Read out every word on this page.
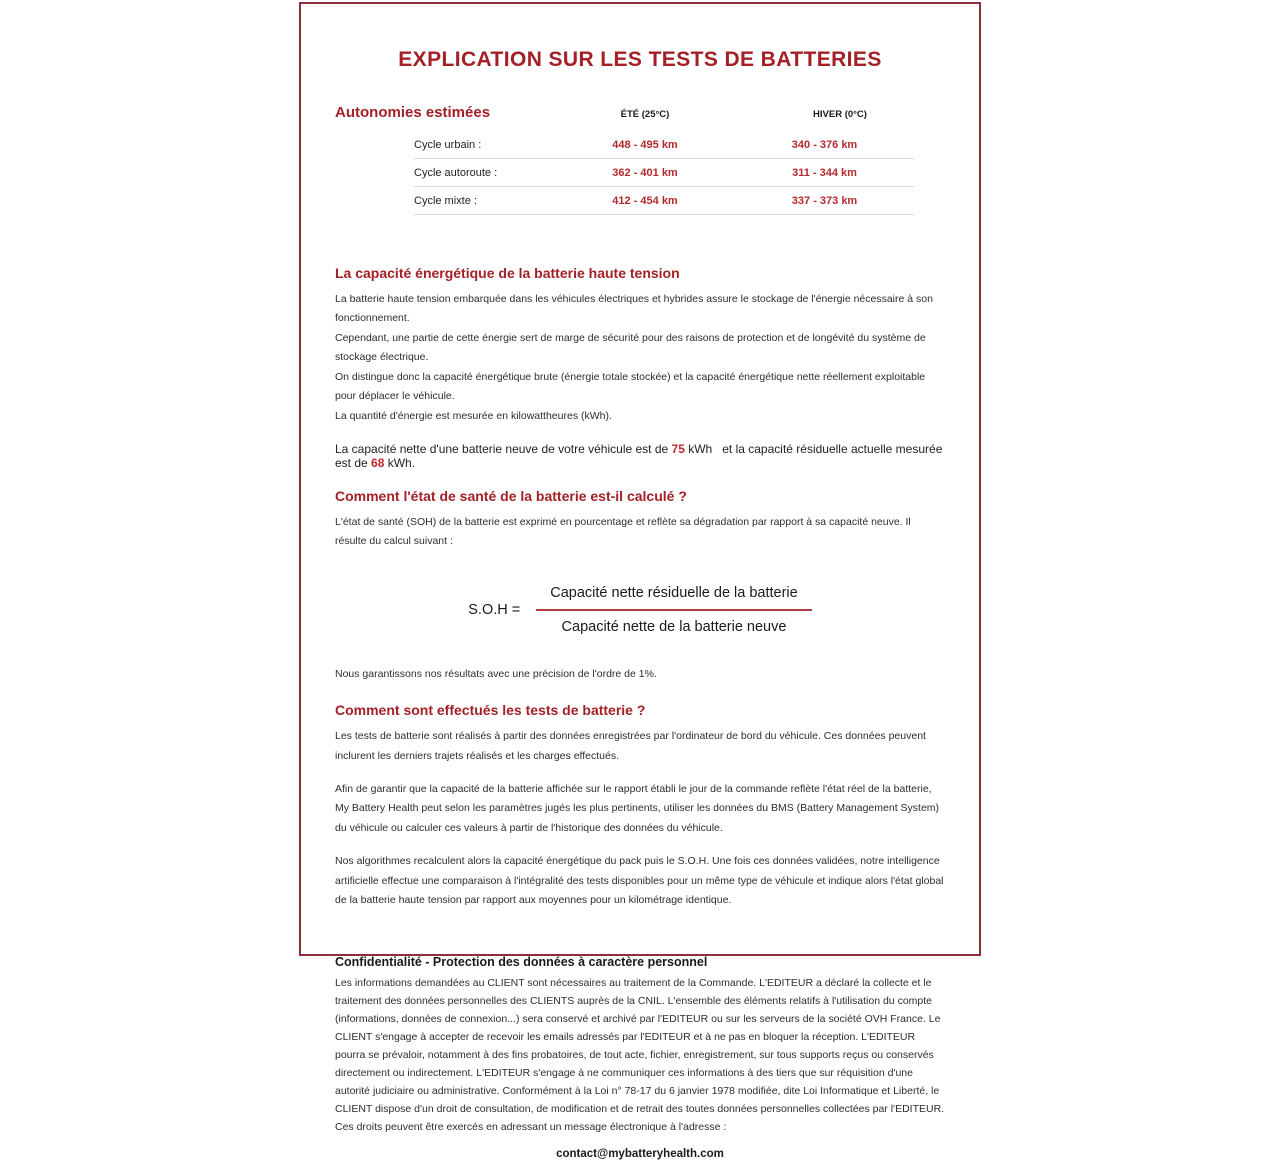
EXPLICATION SUR LES TESTS DE BATTERIES
Autonomies estimées	ÉTÉ (25°C)	HIVER (0°C)
Cycle urbain :	448 - 495 km	340 - 376 km
Cycle autoroute :	362 - 401 km	311 - 344 km
Cycle mixte :	412 - 454 km	337 - 373 km
La capacité énergétique de la batterie haute tension
La batterie haute tension embarquée dans les véhicules électriques et hybrides assure le stockage de l'énergie nécessaire à son fonctionnement.
Cependant, une partie de cette énergie sert de marge de sécurité pour des raisons de protection et de longévité du système de stockage électrique.
On distingue donc la capacité énergétique brute (énergie totale stockée) et la capacité énergétique nette réellement exploitable pour déplacer le véhicule.
La quantité d'énergie est mesurée en kilowattheures (kWh).

La capacité nette d'une batterie neuve de votre véhicule est de 75 kWh   et la capacité résiduelle actuelle mesurée est de 68 kWh.

Comment l'état de santé de la batterie est-il calculé ?
L'état de santé (SOH) de la batterie est exprimé en pourcentage et reflète sa dégradation par rapport à sa capacité neuve. Il résulte du calcul suivant :
$S.O.H = \frac{\text{Capacité nette résiduelle de la batterie}}{\text{Capacité nette de la batterie neuve}}$
Nous garantissons nos résultats avec une précision de l'ordre de 1%.
Comment sont effectués les tests de batterie ?

Les tests de batterie sont réalisés à partir des données enregistrées par l'ordinateur de bord du véhicule. Ces données peuvent inclurent les derniers trajets réalisés et les charges effectués.

Afin de garantir que la capacité de la batterie affichée sur le rapport établi le jour de la commande reflète l'état réel de la batterie, My Battery Health peut selon les paramètres jugés les plus pertinents, utiliser les données du BMS (Battery Management System) du véhicule ou calculer ces valeurs à partir de l'historique des données du véhicule.

Nos algorithmes recalculent alors la capacité énergétique du pack puis le S.O.H. Une fois ces données validées, notre intelligence artificielle effectue une comparaison à l'intégralité des tests disponibles pour un même type de véhicule et indique alors l'état global de la batterie haute tension par rapport aux moyennes pour un kilométrage identique.

Confidentialité - Protection des données à caractère personnel

Les informations demandées au CLIENT sont nécessaires au traitement de la Commande. L'EDITEUR a déclaré la collecte et le traitement des données personnelles des CLIENTS auprès de la CNIL. L'ensemble des éléments relatifs à l'utilisation du compte (informations, données de connexion...) sera conservé et archivé par l'EDITEUR ou sur les serveurs de la société OVH France. Le CLIENT s'engage à accepter de recevoir les emails adressés par l'EDITEUR et à ne pas en bloquer la réception. L'EDITEUR pourra se prévaloir, notamment à des fins probatoires, de tout acte, fichier, enregistrement, sur tous supports reçus ou conservés directement ou indirectement. L'EDITEUR s'engage à ne communiquer ces informations à des tiers que sur réquisition d'une autorité judiciaire ou administrative. Conformément à la Loi n° 78-17 du 6 janvier 1978 modifiée, dite Loi Informatique et Liberté, le CLIENT dispose d'un droit de consultation, de modification et de retrait des toutes données personnelles collectées par l'EDITEUR.

Ces droits peuvent être exercés en adressant un message électronique à l'adresse :

contact@mybatteryhealth.com
